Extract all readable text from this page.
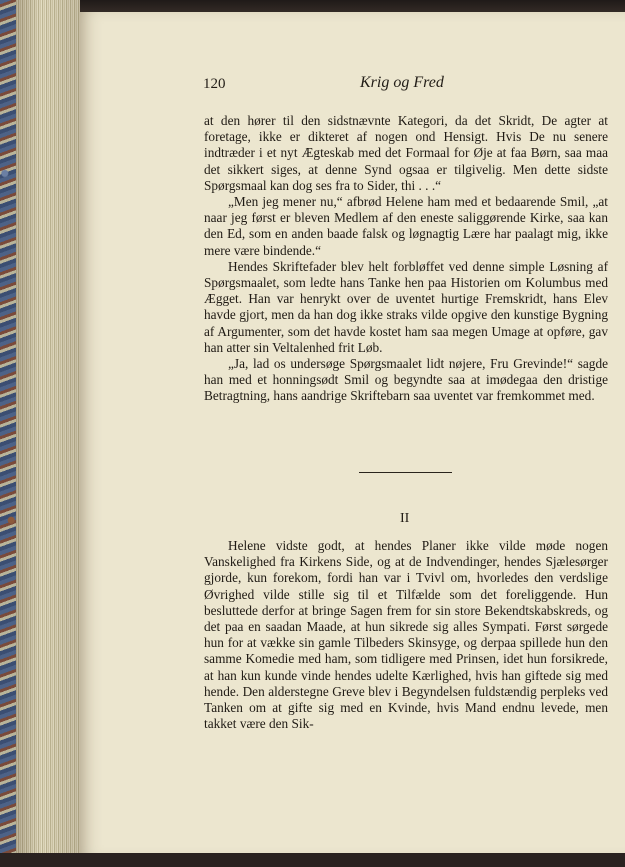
120	Krig og Fred

at den hører til den sidstnævnte Kategori, da det Skridt, De agter at foretage, ikke er dikteret af nogen ond Hensigt. Hvis De nu senere indtræder i et nyt Ægteskab med det Formaal for Øje at faa Børn, saa maa det sikkert siges, at denne Synd ogsaa er tilgivelig. Men dette sidste Spørgsmaal kan dog ses fra to Sider, thi . . .“

„Men jeg mener nu,“ afbrød Helene ham med et bedaarende Smil, „at naar jeg først er bleven Medlem af den eneste saliggørende Kirke, saa kan den Ed, som en anden baade falsk og løgnagtig Lære har paalagt mig, ikke mere være bindende.“

Hendes Skriftefader blev helt forbløffet ved denne simple Løsning af Spørgsmaalet, som ledte hans Tanke hen paa Historien om Kolumbus med Ægget. Han var henrykt over de uventet hurtige Fremskridt, hans Elev havde gjort, men da han dog ikke straks vilde opgive den kunstige Bygning af Argumenter, som det havde kostet ham saa megen Umage at opføre, gav han atter sin Veltalenhed frit Løb.

„Ja, lad os undersøge Spørgsmaalet lidt nøjere, Fru Grevinde!“ sagde han med et honningsødt Smil og begyndte saa at imødegaa den dristige Betragtning, hans aandrige Skriftebarn saa uventet var fremkommet med.

II

Helene vidste godt, at hendes Planer ikke vilde møde nogen Vanskelighed fra Kirkens Side, og at de Indvendinger, hendes Sjælesørger gjorde, kun forekom, fordi han var i Tvivl om, hvorledes den verdslige Øvrighed vilde stille sig til et Tilfælde som det foreliggende. Hun besluttede derfor at bringe Sagen frem for sin store Bekendtskabskreds, og det paa en saadan Maade, at hun sikrede sig alles Sympati. Først sørgede hun for at vække sin gamle Tilbeders Skinsyge, og derpaa spillede hun den samme Komedie med ham, som tidligere med Prinsen, idet hun forsikrede, at han kun kunde vinde hendes udelte Kærlighed, hvis han giftede sig med hende. Den alderstegne Greve blev i Begyndelsen fuldstændig perpleks ved Tanken om at gifte sig med en Kvinde, hvis Mand endnu levede, men takket være den Sik-
